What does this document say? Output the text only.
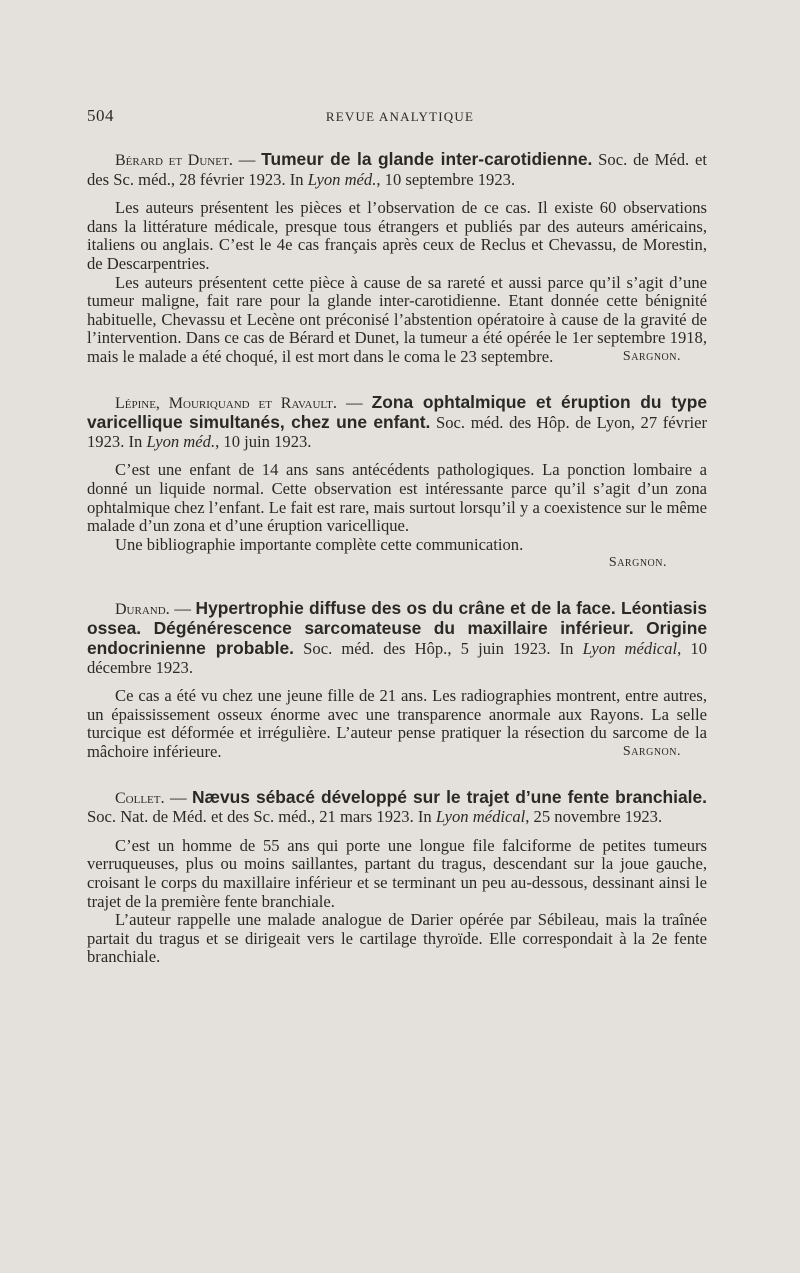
504	REVUE ANALYTIQUE

Bérard et Dunet. — Tumeur de la glande inter-carotidienne. Soc. de Méd. et des Sc. méd., 28 février 1923. In Lyon méd., 10 septembre 1923.

Les auteurs présentent les pièces et l’observation de ce cas. Il existe 60 observations dans la littérature médicale, presque tous étrangers et publiés par des auteurs américains, italiens ou anglais. C’est le 4e cas français après ceux de Reclus et Chevassu, de Morestin, de Descarpentries.

Les auteurs présentent cette pièce à cause de sa rareté et aussi parce qu’il s’agit d’une tumeur maligne, fait rare pour la glande inter-carotidienne. Etant donnée cette bénignité habituelle, Chevassu et Lecène ont préconisé l’abstention opératoire à cause de la gravité de l’intervention. Dans ce cas de Bérard et Dunet, la tumeur a été opérée le 1er septembre 1918, mais le malade a été choqué, il est mort dans le coma le 23 septembre.	Sargnon.

Lépine, Mouriquand et Ravault. — Zona ophtalmique et éruption du type varicellique simultanés, chez une enfant. Soc. méd. des Hôp. de Lyon, 27 février 1923. In Lyon méd., 10 juin 1923.

C’est une enfant de 14 ans sans antécédents pathologiques. La ponction lombaire a donné un liquide normal. Cette observation est intéressante parce qu’il s’agit d’un zona ophtalmique chez l’enfant. Le fait est rare, mais surtout lorsqu’il y a coexistence sur le même malade d’un zona et d’une éruption varicellique.

Une bibliographie importante complète cette communication.

Sargnon.

Durand. — Hypertrophie diffuse des os du crâne et de la face. Léontiasis ossea. Dégénérescence sarcomateuse du maxillaire inférieur. Origine endocrinienne probable. Soc. méd. des Hôp., 5 juin 1923. In Lyon médical, 10 décembre 1923.

Ce cas a été vu chez une jeune fille de 21 ans. Les radiographies montrent, entre autres, un épaississement osseux énorme avec une transparence anormale aux Rayons. La selle turcique est déformée et irrégulière. L’auteur pense pratiquer la résection du sarcome de la mâchoire inférieure.	Sargnon.

Collet. — Nævus sébacé développé sur le trajet d’une fente branchiale. Soc. Nat. de Méd. et des Sc. méd., 21 mars 1923. In Lyon médical, 25 novembre 1923.

C’est un homme de 55 ans qui porte une longue file falciforme de petites tumeurs verruqueuses, plus ou moins saillantes, partant du tragus, descendant sur la joue gauche, croisant le corps du maxillaire inférieur et se terminant un peu au-dessous, dessinant ainsi le trajet de la première fente branchiale.

L’auteur rappelle une malade analogue de Darier opérée par Sébileau, mais la traînée partait du tragus et se dirigeait vers le cartilage thyroïde. Elle correspondait à la 2e fente branchiale.
